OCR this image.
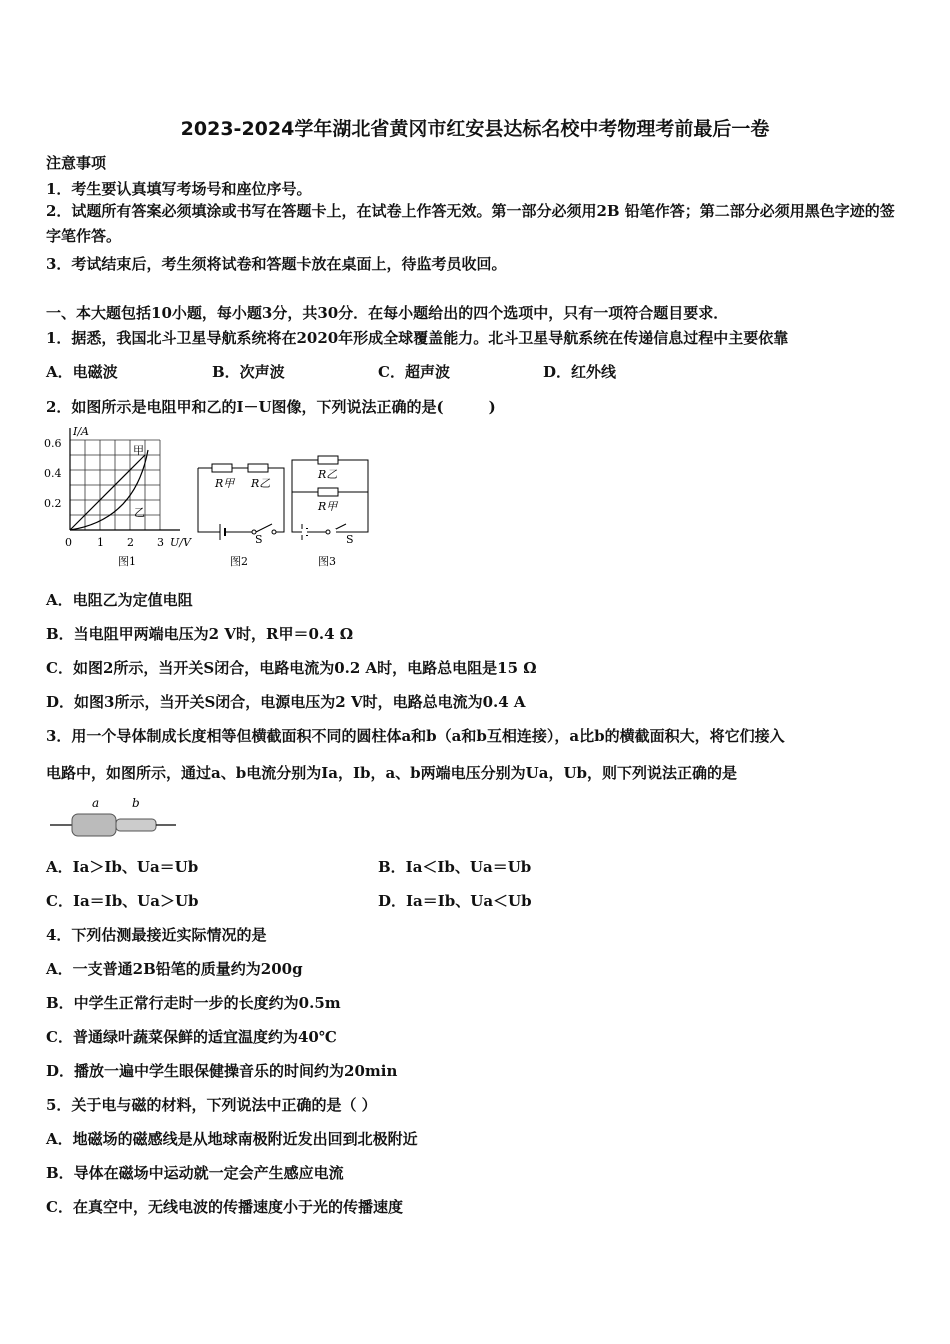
2023-2024学年湖北省黄冈市红安县达标名校中考物理考前最后一卷
注意事项
1．考生要认真填写考场号和座位序号。
2．试题所有答案必须填涂或书写在答题卡上，在试卷上作答无效。第一部分必须用2B 铅笔作答；第二部分必须用黑色字迹的签字笔作答。
3．考试结束后，考生须将试卷和答题卡放在桌面上，待监考员收回。
一、本大题包括10小题，每小题3分，共30分．在每小题给出的四个选项中，只有一项符合题目要求．
1．据悉，我国北斗卫星导航系统将在2020年形成全球覆盖能力。北斗卫星导航系统在传递信息过程中主要依靠
A．电磁波	B．次声波	C．超声波	D．红外线
2．如图所示是电阻甲和乙的I－U图像，下列说法正确的是(　　　)
I/A
0.6
0.4
0.2
0 1 2 3 U/V
甲
乙
图1
R甲 R乙
S
图2
R乙
R甲
S
图3
A．电阻乙为定值电阻
B．当电阻甲两端电压为2 V时，R甲＝0.4 Ω
C．如图2所示，当开关S闭合，电路电流为0.2 A时，电路总电阻是15 Ω
D．如图3所示，当开关S闭合，电源电压为2 V时，电路总电流为0.4 A
3．用一个导体制成长度相等但横截面积不同的圆柱体a和b（a和b互相连接），a比b的横截面积大，将它们接入
电路中，如图所示，通过a、b电流分别为Ia，Ib，a、b两端电压分别为Ua，Ub，则下列说法正确的是
a	b
A．Ia＞Ib、Ua＝Ub	B．Ia＜Ib、Ua＝Ub
C．Ia＝Ib、Ua＞Ub	D．Ia＝Ib、Ua＜Ub
4．下列估测最接近实际情况的是
A．一支普通2B铅笔的质量约为200g
B．中学生正常行走时一步的长度约为0.5m
C．普通绿叶蔬菜保鲜的适宜温度约为40℃
D．播放一遍中学生眼保健操音乐的时间约为20min
5．关于电与磁的材料，下列说法中正确的是（ ）
A．地磁场的磁感线是从地球南极附近发出回到北极附近
B．导体在磁场中运动就一定会产生感应电流
C．在真空中，无线电波的传播速度小于光的传播速度
